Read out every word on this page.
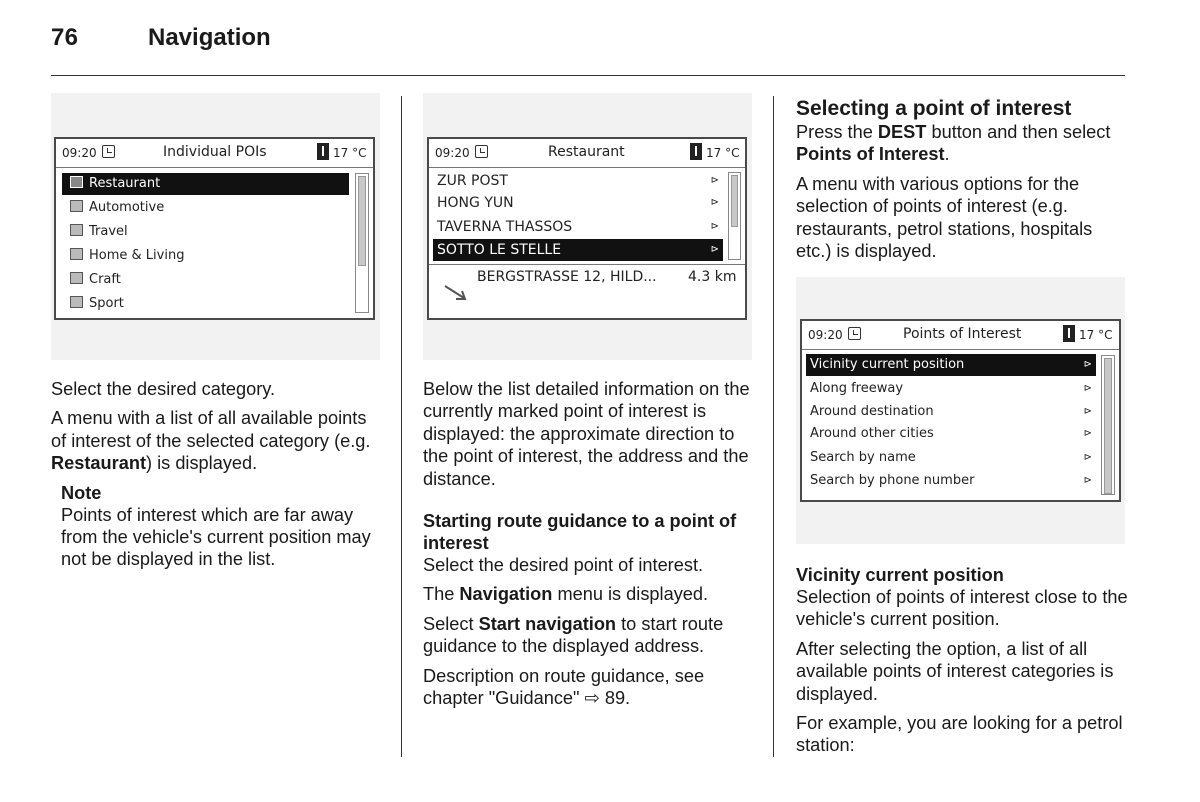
76	Navigation
09:20	Individual POIs	17 °C
Restaurant
Automotive
Travel
Home & Living
Craft
Sport

Select the desired category.

A menu with a list of all available points of interest of the selected category (e.g. Restaurant) is displayed.

Note

Points of interest which are far away from the vehicle's current position may not be displayed in the list.

09:20	Restaurant	17 °C
ZUR POST	⊳
HONG YUN	⊳
TAVERNA THASSOS	⊳
SOTTO LE STELLE	⊳
BERGSTRASSE 12, HILD... 4.3 km

Below the list detailed information on the currently marked point of interest is displayed: the approximate direction to the point of interest, the address and the distance.

Starting route guidance to a point of interest

Select the desired point of interest.

The Navigation menu is displayed.

Select Start navigation to start route guidance to the displayed address.

Description on route guidance, see chapter "Guidance" ⇨ 89.

Selecting a point of interest

Press the DEST button and then select Points of Interest.

A menu with various options for the selection of points of interest (e.g. restaurants, petrol stations, hospitals etc.) is displayed.

09:20	Points of Interest	17 °C
Vicinity current position	⊳
Along freeway	⊳
Around destination	⊳
Around other cities	⊳
Search by name	⊳
Search by phone number	⊳
Vicinity current position

Selection of points of interest close to the vehicle's current position.

After selecting the option, a list of all available points of interest categories is displayed.

For example, you are looking for a petrol station:
